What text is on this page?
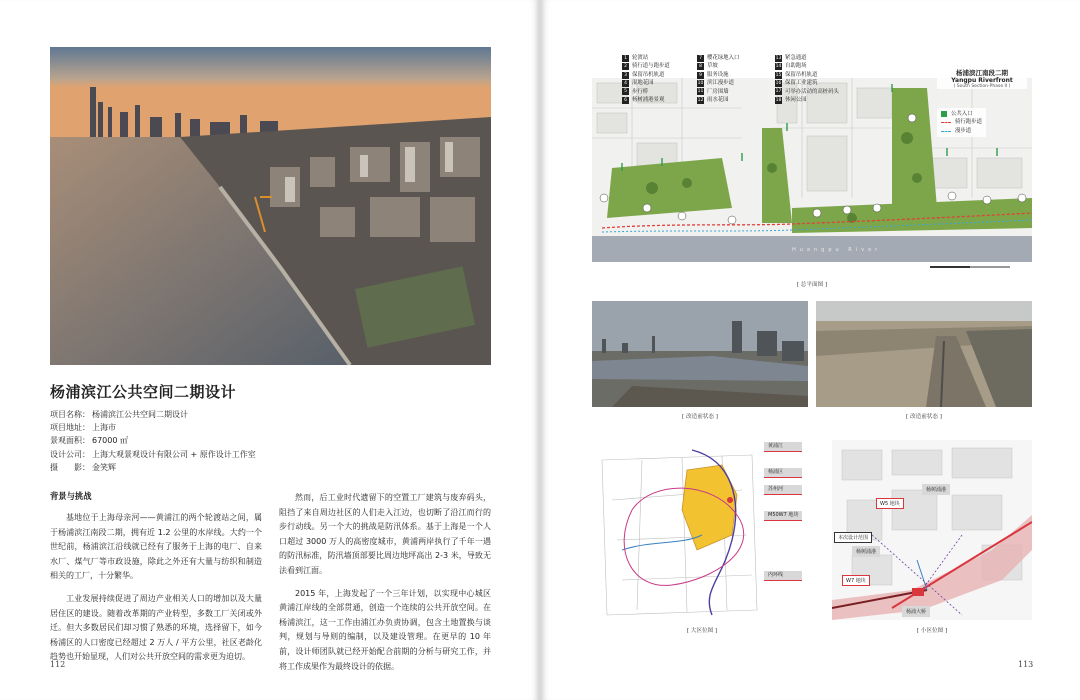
杨浦滨江公共空间二期设计
项目名称： 杨浦滨江公共空间二期设计
项目地址： 上海市
景观面积： 67000 ㎡
设计公司： 上海大观景观设计有限公司 + 原作设计工作室
摄　　影： 金笑辉
背景与挑战

基地位于上海母亲河——黄浦江的两个轮渡站之间，属于杨浦滨江南段二期，拥有近 1.2 公里的水岸线。大约一个世纪前，杨浦滨江沿线就已经有了服务于上海的电厂、自来水厂、煤气厂等市政设施，除此之外还有大量与纺织和制造相关的工厂，十分繁华。

工业发展持续促进了周边产业相关人口的增加以及大量居住区的建设。随着改革期的产业转型，多数工厂关闭或外迁。但大多数居民们却习惯了熟悉的环境，选择留下，如今杨浦区的人口密度已经超过 2 万人 / 平方公里，社区老龄化趋势也开始显现，人们对公共开放空间的需求更为迫切。

然而，后工业时代遗留下的空置工厂建筑与废弃码头，阻挡了来自周边社区的人们走入江边，也切断了沿江而行的步行动线。另一个大的挑战是防汛体系。基于上海是一个人口超过 3000 万人的高密度城市，黄浦两岸执行了千年一遇的防汛标准，防汛墙顶部要比周边地坪高出 2-3 米，导致无法看到江面。

2015 年，上海发起了一个三年计划，以实现中心城区黄浦江岸线的全部贯通，创造一个连续的公共开放空间。在杨浦滨江，这一工作由浦江办负责协调，包含土地置换与谈判，规划与导则的编制，以及建设管理。在更早的 10 年前，设计师团队就已经开始配合前期的分析与研究工作，并将工作成果作为最终设计的依据。

112
Huangpu River
1 轮渡站
2 骑行道与跑步道
3 保留吊机轨道
4 湿地花园
5 步行桥
6 杨树浦港景观
7 樱花绿地入口
8 草坡
9 服务设施
10 滨江漫步道
11 厂房围墙
12 雨水花园
13 紧急通道
14 自助跑场
15 保留吊机轨道
16 保留工业建筑
17 可举办活动的高桩码头
18 休闲公园
杨浦滨江南段二期
Yangpu Riverfront
( South Section-Phase II )
公共入口
骑行跑步道
漫步道
[ 总平面图 ]
[ 改造前状态 ]	[ 改造前状态 ]
黄浦江
杨浦区
苏州河
M50W7 地块
内环线
[ 大区位图 ]
W5 地块
杨树浦港
本次设计范围
杨树浦港
W7 地块
杨浦大桥
[ 小区位图 ]
113
